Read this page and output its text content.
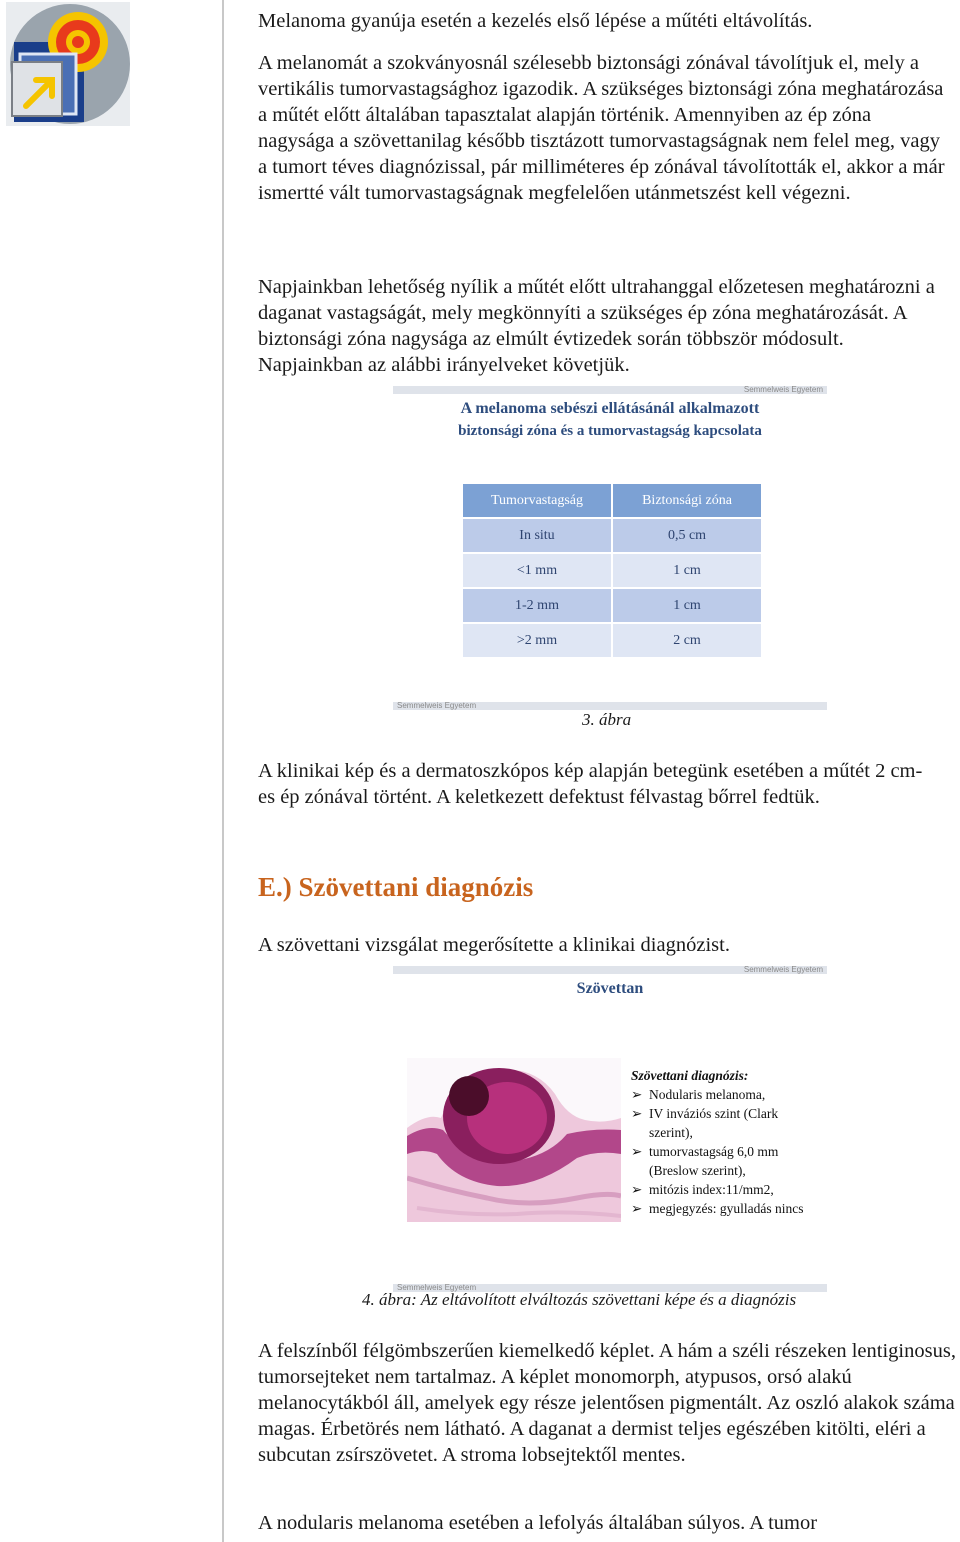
Melanoma gyanúja esetén a kezelés első lépése a műtéti eltávolítás.

A melanomát a szokványosnál szélesebb biztonsági zónával távolítjuk el, mely a vertikális tumorvastagsághoz igazodik. A szükséges biztonsági zóna meghatározása a műtét előtt általában tapasztalat alapján történik. Amennyiben az ép zóna nagysága a szövettanilag később tisztázott tumorvastagságnak nem felel meg, vagy a tumort téves diagnózissal, pár milliméteres ép zónával távolították el, akkor a már ismertté vált tumorvastagságnak megfelelően utánmetszést kell végezni.

Napjainkban lehetőség nyílik a műtét előtt ultrahanggal előzetesen meghatározni a daganat vastagságát, mely megkönnyíti a szükséges ép zóna meghatározását. A biztonsági zóna nagysága az elmúlt évtizedek során többször módosult. Napjainkban az alábbi irányelveket követjük.

Semmelweis Egyetem
A melanoma sebészi ellátásánál alkalmazott
biztonsági zóna és a tumorvastagság kapcsolata
Tumorvastagság	Biztonsági zóna
In situ	0,5 cm
<1 mm	1 cm
1-2 mm	1 cm
>2 mm	2 cm
Semmelweis Egyetem
3. ábra

A klinikai kép és a dermatoszkópos kép alapján betegünk esetében a műtét 2 cm-es ép zónával történt. A keletkezett defektust félvastag bőrrel fedtük.

E.) Szövettani diagnózis

A szövettani vizsgálat megerősítette a klinikai diagnózist.

Semmelweis Egyetem
Szövettan
Szövettani diagnózis:
➢ Nodularis melanoma,
➢ IV inváziós szint (Clark szerint),
➢ tumorvastagság 6,0 mm (Breslow szerint),
➢ mitózis index:11/mm2,
➢ megjegyzés: gyulladás nincs
Semmelweis Egyetem
4. ábra: Az eltávolított elváltozás szövettani képe és a diagnózis

A felszínből félgömbszerűen kiemelkedő képlet. A hám a széli részeken lentiginosus, tumorsejteket nem tartalmaz. A képlet monomorph, atypusos, orsó alakú melanocytákból áll, amelyek egy része jelentősen pigmentált. Az oszló alakok száma magas. Érbetörés nem látható. A daganat a dermist teljes egészében kitölti, eléri a subcutan zsírszövetet. A stroma lobsejtektől mentes.

A nodularis melanoma esetében a lefolyás általában súlyos. A tumor
